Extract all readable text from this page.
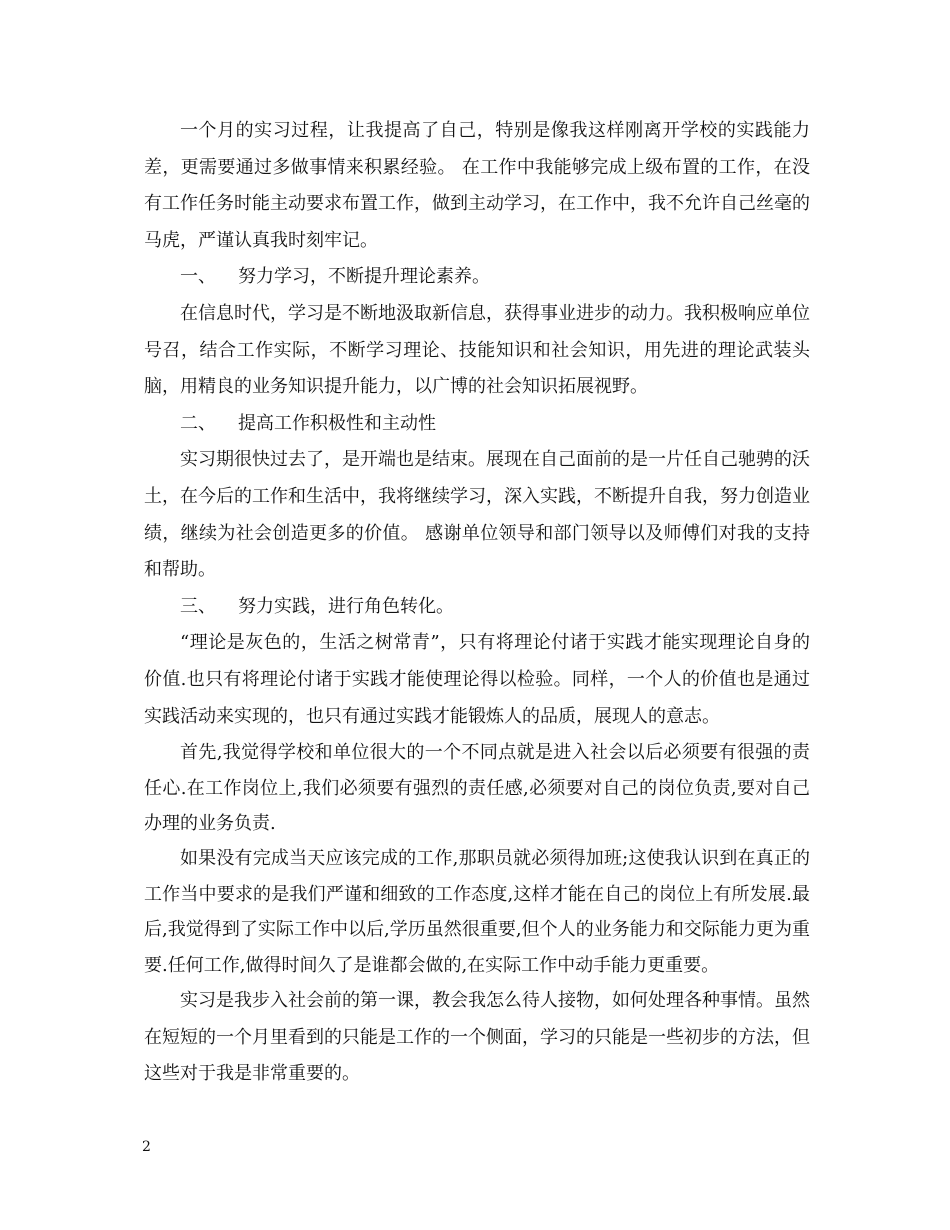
一个月的实习过程，让我提高了自己，特别是像我这样刚离开学校的实践能力差，更需要通过多做事情来积累经验。 在工作中我能够完成上级布置的工作，在没有工作任务时能主动要求布置工作，做到主动学习，在工作中，我不允许自己丝毫的马虎，严谨认真我时刻牢记。

一、 努力学习，不断提升理论素养。

在信息时代，学习是不断地汲取新信息，获得事业进步的动力。我积极响应单位号召，结合工作实际，不断学习理论、技能知识和社会知识，用先进的理论武装头脑，用精良的业务知识提升能力，以广博的社会知识拓展视野。

二、 提高工作积极性和主动性

实习期很快过去了，是开端也是结束。展现在自己面前的是一片任自己驰骋的沃土，在今后的工作和生活中，我将继续学习，深入实践，不断提升自我，努力创造业绩，继续为社会创造更多的价值。 感谢单位领导和部门领导以及师傅们对我的支持和帮助。

三、 努力实践，进行角色转化。

“理论是灰色的，生活之树常青”，只有将理论付诸于实践才能实现理论自身的价值.也只有将理论付诸于实践才能使理论得以检验。同样，一个人的价值也是通过实践活动来实现的，也只有通过实践才能锻炼人的品质，展现人的意志。

首先,我觉得学校和单位很大的一个不同点就是进入社会以后必须要有很强的责任心.在工作岗位上,我们必须要有强烈的责任感,必须要对自己的岗位负责,要对自己办理的业务负责.

如果没有完成当天应该完成的工作,那职员就必须得加班;这使我认识到在真正的工作当中要求的是我们严谨和细致的工作态度,这样才能在自己的岗位上有所发展.最后,我觉得到了实际工作中以后,学历虽然很重要,但个人的业务能力和交际能力更为重要.任何工作,做得时间久了是谁都会做的,在实际工作中动手能力更重要。

实习是我步入社会前的第一课，教会我怎么待人接物，如何处理各种事情。虽然在短短的一个月里看到的只能是工作的一个侧面，学习的只能是一些初步的方法，但这些对于我是非常重要的。

2
